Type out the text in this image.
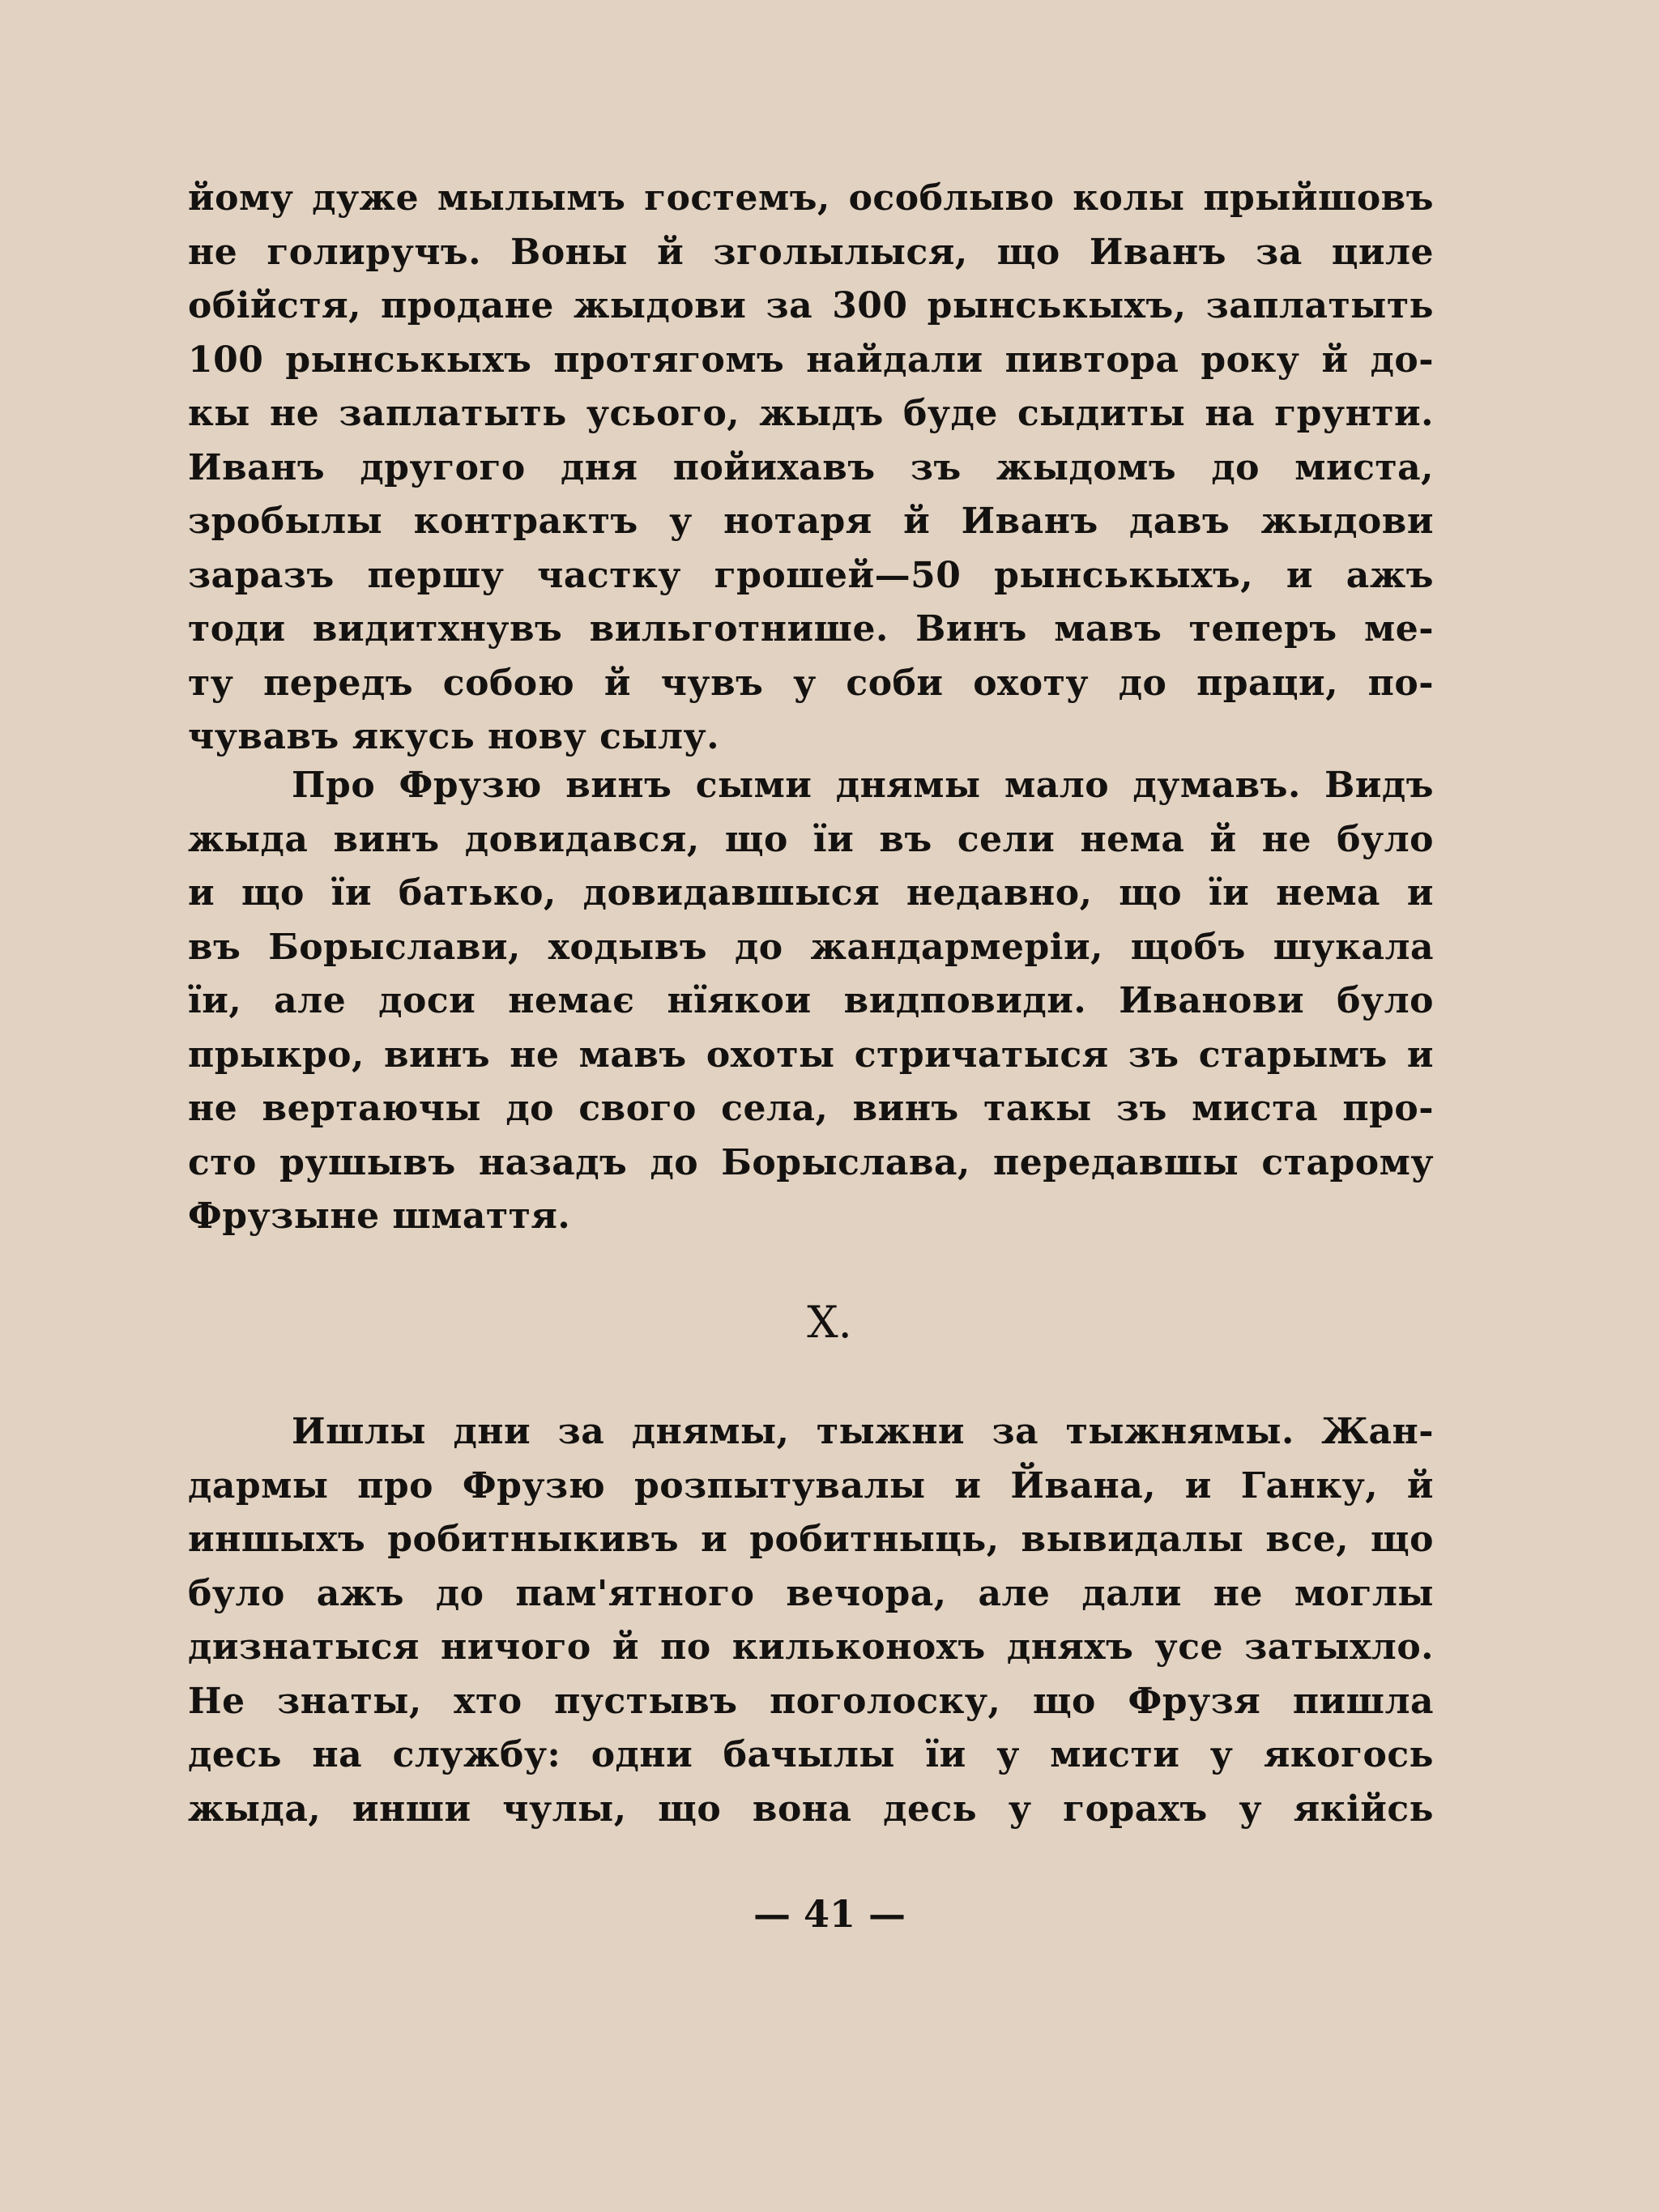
йому дуже мылымъ гостемъ, особлыво колы прыйшовъ
не голиручъ. Воны й зголылыся, що Иванъ за циле
обійстя, продане жыдови за 300 рынськыхъ, заплатыть
100 рынськыхъ протягомъ найдали пивтора року й до-
кы не заплатыть усього, жыдъ буде сыдиты на грунти.
Иванъ другого дня пойихавъ зъ жыдомъ до миста,
зробылы контрактъ у нотаря й Иванъ давъ жыдови
заразъ першу частку грошей—50 рынськыхъ, и ажъ
тоди видитхнувъ вильготнише. Винъ мавъ теперъ ме-
ту передъ собою й чувъ у соби охоту до праци, по-
чувавъ якусь нову сылу.
Про Фрузю винъ сыми днямы мало думавъ. Видъ
жыда винъ довидався, що ïи въ сели нема й не було
и що ïи батько, довидавшыся недавно, що ïи нема и
въ Борыслави, ходывъ до жандармеріи, щобъ шукала
ïи, але доси немає нïякои видповиди. Иванови було
прыкро, винъ не мавъ охоты стричатыся зъ старымъ и
не вертаючы до свого села, винъ такы зъ миста про-
сто рушывъ назадъ до Борыслава, передавшы старому
Фрузыне шмаття.
X.
Ишлы дни за днямы, тыжни за тыжнямы. Жан-
дармы про Фрузю розпытувалы и Йвана, и Ганку, й
иншыхъ робитныкивъ и робитныць, вывидалы все, що
було ажъ до пам'ятного вечора, але дали не моглы
дизнатыся ничого й по кильконохъ дняхъ усе затыхло.
Не знаты, хто пустывъ поголоску, що Фрузя пишла
десь на службу: одни бачылы ïи у мисти у якогось
жыда, инши чулы, що вона десь у горахъ у якійсь
— 41 —
